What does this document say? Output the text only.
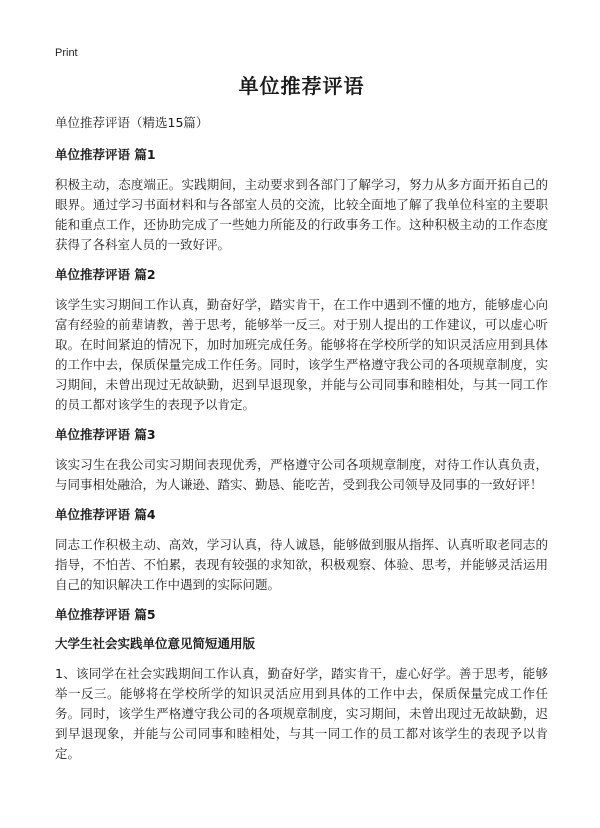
Print
单位推荐评语
单位推荐评语（精选15篇）
单位推荐评语 篇1
积极主动，态度端正。实践期间，主动要求到各部门了解学习，努力从多方面开拓自己的眼界。通过学习书面材料和与各部室人员的交流，比较全面地了解了我单位科室的主要职能和重点工作，还协助完成了一些她力所能及的行政事务工作。这种积极主动的工作态度获得了各科室人员的一致好评。
单位推荐评语 篇2
该学生实习期间工作认真，勤奋好学，踏实肯干，在工作中遇到不懂的地方，能够虚心向富有经验的前辈请教，善于思考，能够举一反三。对于别人提出的工作建议，可以虚心听取。在时间紧迫的情况下，加时加班完成任务。能够将在学校所学的知识灵活应用到具体的工作中去，保质保量完成工作任务。同时，该学生严格遵守我公司的各项规章制度，实习期间，未曾出现过无故缺勤，迟到早退现象，并能与公司同事和睦相处，与其一同工作的员工都对该学生的表现予以肯定。
单位推荐评语 篇3
该实习生在我公司实习期间表现优秀，严格遵守公司各项规章制度，对待工作认真负责，与同事相处融洽，为人谦逊、踏实、勤恳、能吃苦，受到我公司领导及同事的一致好评！
单位推荐评语 篇4
同志工作积极主动、高效，学习认真，待人诚恳，能够做到服从指挥、认真听取老同志的指导，不怕苦、不怕累，表现有较强的求知欲，积极观察、体验、思考，并能够灵活运用自己的知识解决工作中遇到的实际问题。
单位推荐评语 篇5
大学生社会实践单位意见简短通用版
1、该同学在社会实践期间工作认真，勤奋好学，踏实肯干，虚心好学。善于思考，能够举一反三。能够将在学校所学的知识灵活应用到具体的工作中去，保质保量完成工作任务。同时，该学生严格遵守我公司的各项规章制度，实习期间，未曾出现过无故缺勤，迟到早退现象，并能与公司同事和睦相处，与其一同工作的员工都对该学生的表现予以肯定。
